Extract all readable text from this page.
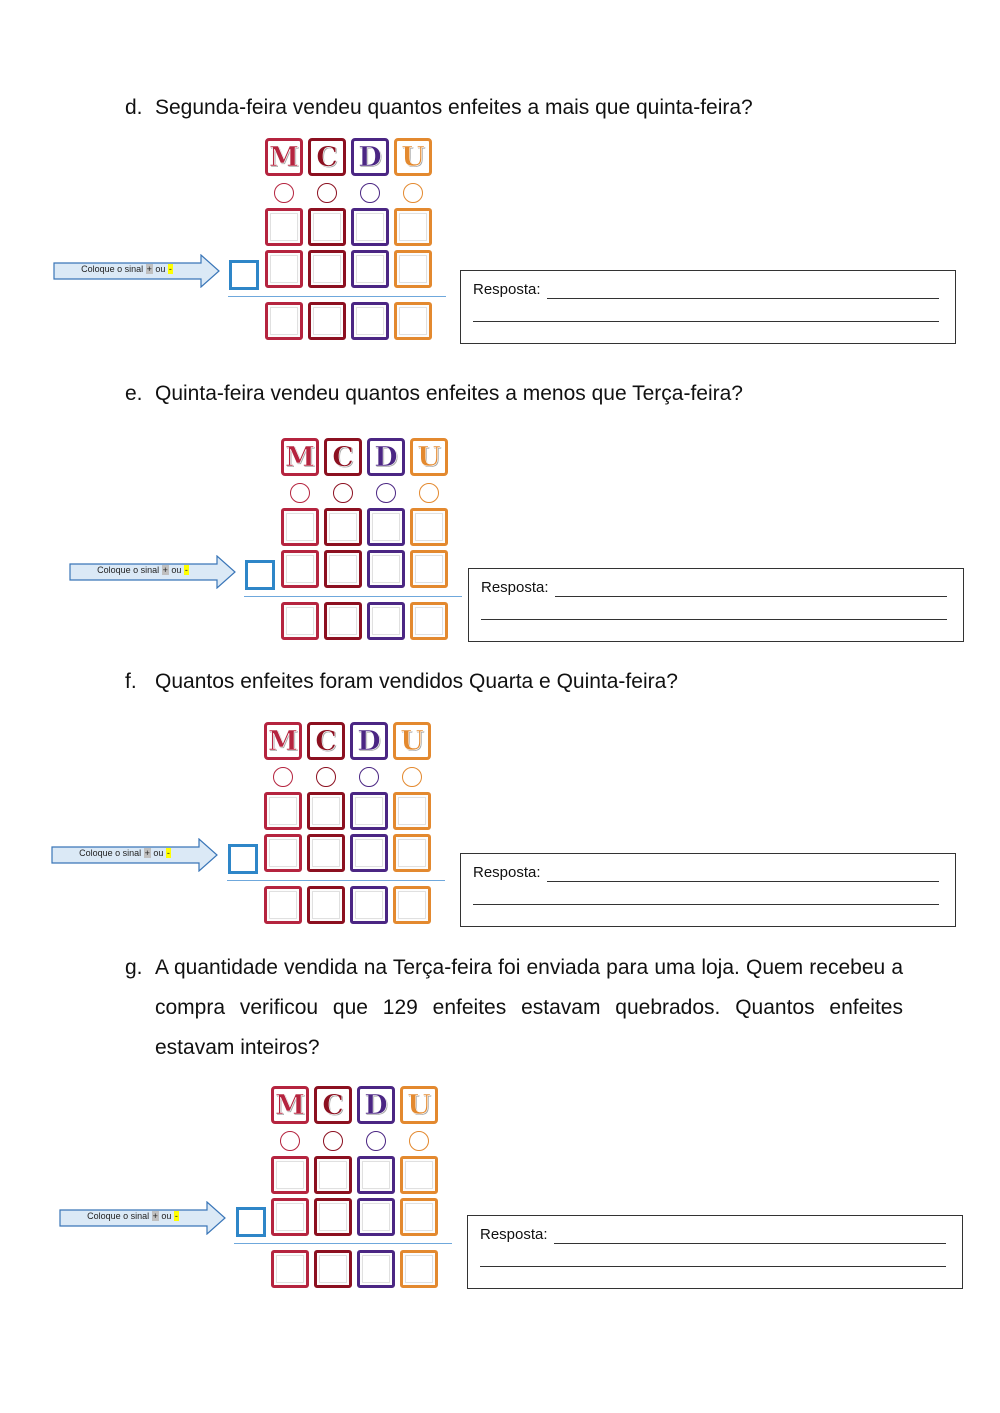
d. Segunda-feira vendeu quantos enfeites a mais que quinta-feira?
Coloque o sinal + ou -
M C D U
Resposta:
e. Quinta-feira vendeu quantos enfeites a menos que Terça-feira?
Coloque o sinal + ou -
M C D U
Resposta:
f. Quantos enfeites foram vendidos Quarta e Quinta-feira?
Coloque o sinal + ou -
M C D U
Resposta:
g. A quantidade vendida na Terça-feira foi enviada para uma loja. Quem recebeu a compra verificou que 129 enfeites estavam quebrados. Quantos enfeites estavam inteiros?
Coloque o sinal + ou -
M C D U
Resposta:
